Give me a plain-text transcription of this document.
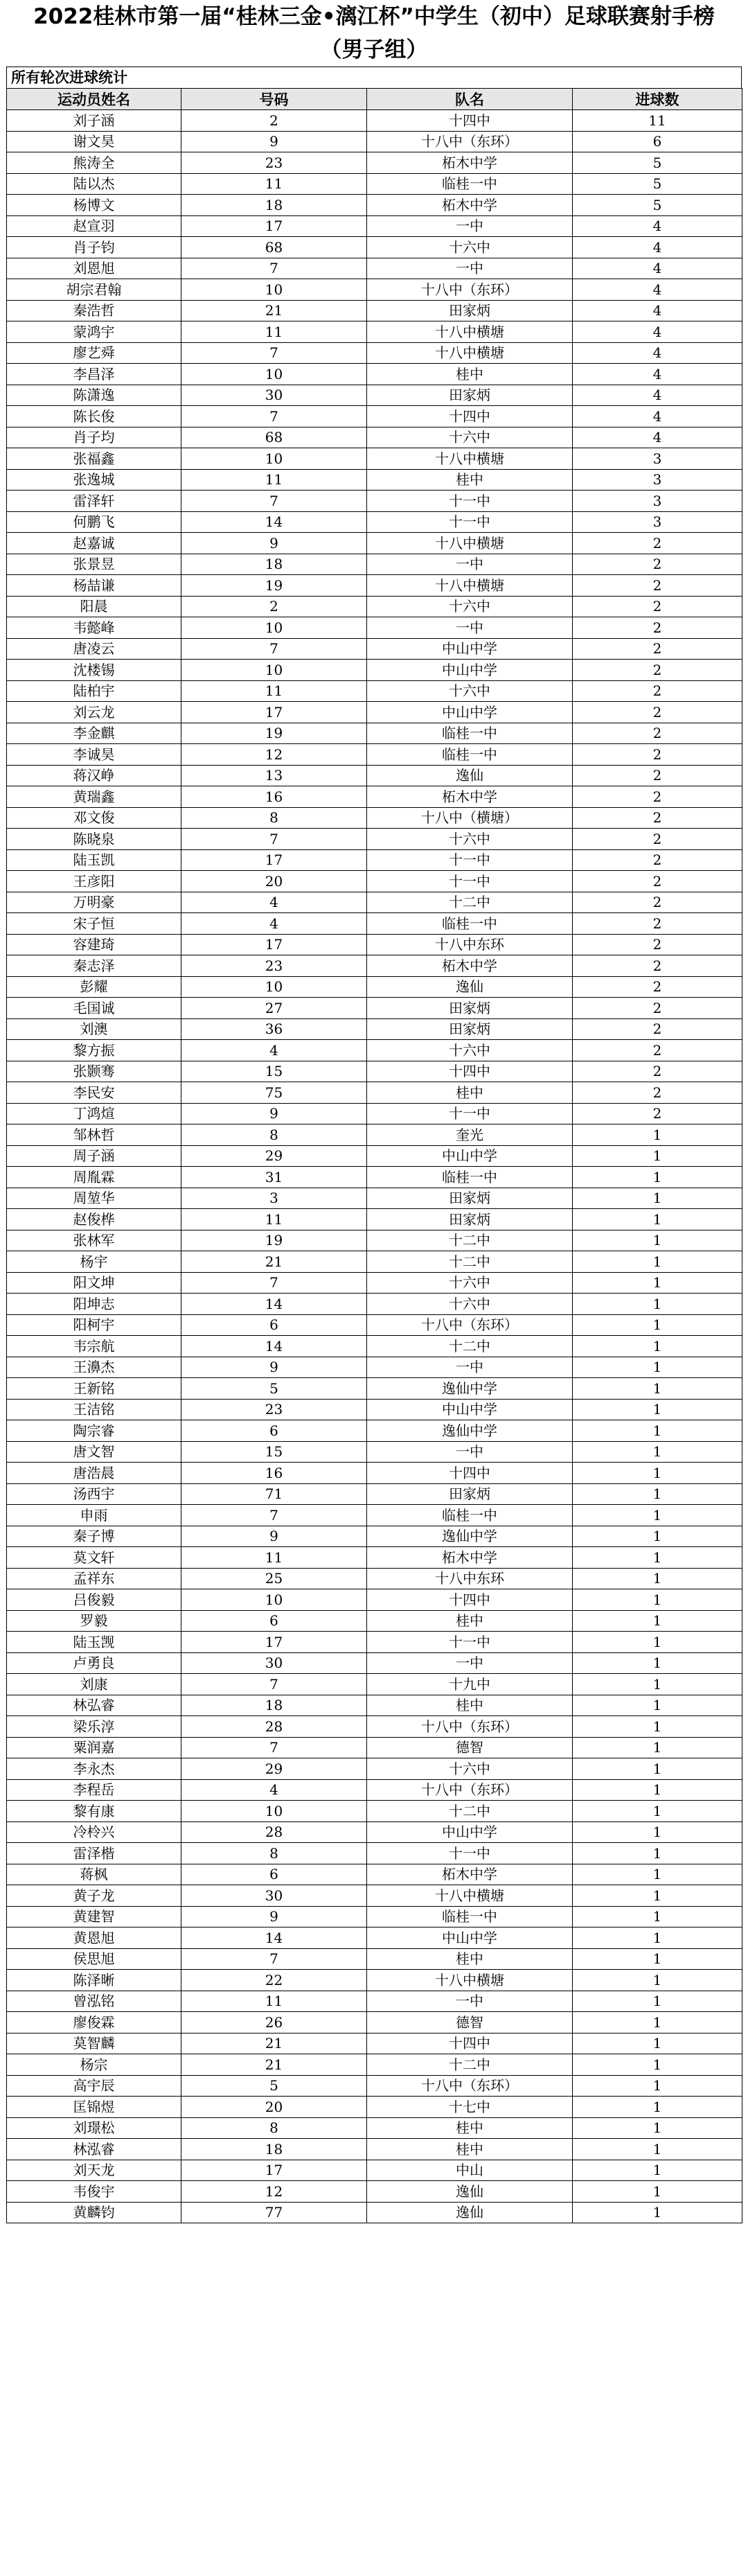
2022桂林市第一届“桂林三金•漓江杯”中学生（初中）足球联赛射手榜
（男子组）
所有轮次进球统计
运动员姓名	号码	队名	进球数
刘子涵	2	十四中	11
谢文昊	9	十八中（东环）	6
熊涛全	23	柘木中学	5
陆以杰	11	临桂一中	5
杨博文	18	柘木中学	5
赵宣羽	17	一中	4
肖子钧	68	十六中	4
刘恩旭	7	一中	4
胡宗君翰	10	十八中（东环）	4
秦浩哲	21	田家炳	4
蒙鸿宇	11	十八中横塘	4
廖艺舜	7	十八中横塘	4
李昌泽	10	桂中	4
陈潇逸	30	田家炳	4
陈长俊	7	十四中	4
肖子均	68	十六中	4
张福鑫	10	十八中横塘	3
张逸城	11	桂中	3
雷泽轩	7	十一中	3
何鹏飞	14	十一中	3
赵嘉诚	9	十八中横塘	2
张景昱	18	一中	2
杨喆谦	19	十八中横塘	2
阳晨	2	十六中	2
韦懿峰	10	一中	2
唐凌云	7	中山中学	2
沈楼锡	10	中山中学	2
陆柏宇	11	十六中	2
刘云龙	17	中山中学	2
李金麒	19	临桂一中	2
李诚昊	12	临桂一中	2
蒋汉峥	13	逸仙	2
黄瑞鑫	16	柘木中学	2
邓文俊	8	十八中（横塘）	2
陈晓泉	7	十六中	2
陆玉凯	17	十一中	2
王彦阳	20	十一中	2
万明豪	4	十二中	2
宋子恒	4	临桂一中	2
容建琦	17	十八中东环	2
秦志泽	23	柘木中学	2
彭耀	10	逸仙	2
毛国诚	27	田家炳	2
刘澳	36	田家炳	2
黎方振	4	十六中	2
张颢骞	15	十四中	2
李民安	75	桂中	2
丁鸿煊	9	十一中	2
邹林哲	8	奎光	1
周子涵	29	中山中学	1
周胤霖	31	临桂一中	1
周堃华	3	田家炳	1
赵俊桦	11	田家炳	1
张林军	19	十二中	1
杨宇	21	十二中	1
阳文坤	7	十六中	1
阳坤志	14	十六中	1
阳柯宇	6	十八中（东环）	1
韦宗航	14	十二中	1
王濞杰	9	一中	1
王新铭	5	逸仙中学	1
王洁铭	23	中山中学	1
陶宗睿	6	逸仙中学	1
唐文智	15	一中	1
唐浩晨	16	十四中	1
汤西宇	71	田家炳	1
申雨	7	临桂一中	1
秦子博	9	逸仙中学	1
莫文轩	11	柘木中学	1
孟祥东	25	十八中东环	1
吕俊毅	10	十四中	1
罗毅	6	桂中	1
陆玉觊	17	十一中	1
卢勇良	30	一中	1
刘康	7	十九中	1
林弘睿	18	桂中	1
梁乐淳	28	十八中（东环）	1
粟润嘉	7	德智	1
李永杰	29	十六中	1
李程岳	4	十八中（东环）	1
黎有康	10	十二中	1
冷柃兴	28	中山中学	1
雷泽楷	8	十一中	1
蒋枫	6	柘木中学	1
黄子龙	30	十八中横塘	1
黄建智	9	临桂一中	1
黄恩旭	14	中山中学	1
侯思旭	7	桂中	1
陈泽晰	22	十八中横塘	1
曾泓铭	11	一中	1
廖俊霖	26	德智	1
莫智麟	21	十四中	1
杨宗	21	十二中	1
高宇辰	5	十八中（东环）	1
匡锦煜	20	十七中	1
刘璟松	8	桂中	1
林泓睿	18	桂中	1
刘天龙	17	中山	1
韦俊宇	12	逸仙	1
黄麟钧	77	逸仙	1
